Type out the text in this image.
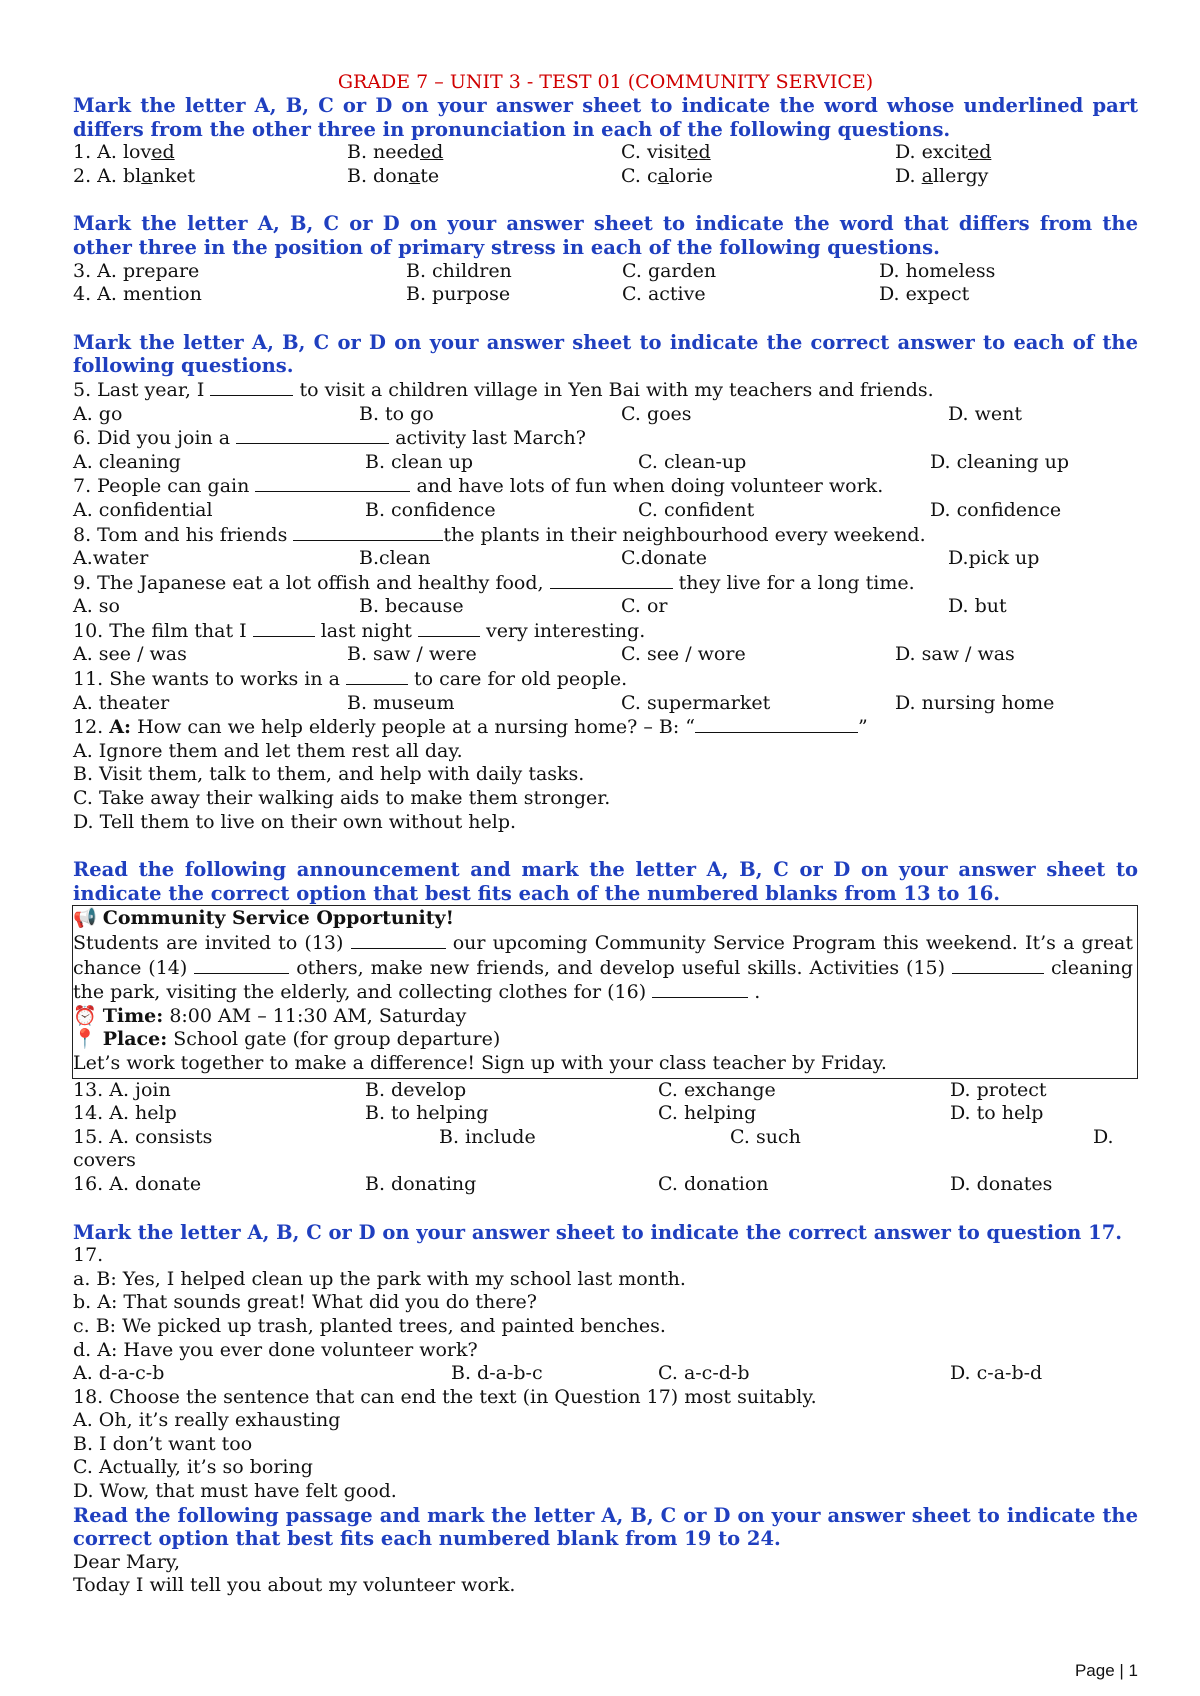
GRADE 7 – UNIT 3 - TEST 01 (COMMUNITY SERVICE)
Mark the letter A, B, C or D on your answer sheet to indicate the word whose underlined part differs from the other three in pronunciation in each of the following questions.
1. A. loved	B. needed	C. visited	D. excited
2. A. blanket	B. donate	C. calorie	D. allergy
Mark the letter A, B, C or D on your answer sheet to indicate the word that differs from the other three in the position of primary stress in each of the following questions.
3. A. prepare	B. children	C. garden	D. homeless
4. A. mention	B. purpose	C. active	D. expect
Mark the letter A, B, C or D on your answer sheet to indicate the correct answer to each of the following questions.
5. Last year, I	to visit a children village in Yen Bai with my teachers and friends.
A. go	B. to go	C. goes	D. went
6. Did you join a	activity last March?
A. cleaning	B. clean up	C. clean-up	D. cleaning up
7. People can gain	and have lots of fun when doing volunteer work.
A. confidential	B. confidence	C. confident	D. confidence
8. Tom and his friends	the plants in their neighbourhood every weekend.
A.water	B.clean	C.donate	D.pick up
9. The Japanese eat a lot offish and healthy food,	they live for a long time.
A. so	B. because	C. or	D. but
10. The film that I	last night	very interesting.
A. see / was	B. saw / were	C. see / wore	D. saw / was
11. She wants to works in a	to care for old people.
A. theater	B. museum	C. supermarket	D. nursing home
12. A: How can we help elderly people at a nursing home? – B: “	”
A. Ignore them and let them rest all day.
B. Visit them, talk to them, and help with daily tasks.
C. Take away their walking aids to make them stronger.
D. Tell them to live on their own without help.
Read the following announcement and mark the letter A, B, C or D on your answer sheet to indicate the correct option that best fits each of the numbered blanks from 13 to 16.
📢 Community Service Opportunity!
Students are invited to (13)	our upcoming Community Service Program this weekend. It’s a great chance (14)	others, make new friends, and develop useful skills. Activities (15)	cleaning the park, visiting the elderly, and collecting clothes for (16)	.
⏰ Time: 8:00 AM – 11:30 AM, Saturday
📍 Place: School gate (for group departure)
Let’s work together to make a difference! Sign up with your class teacher by Friday.
13. A. join	B. develop	C. exchange	D. protect
14. A. help	B. to helping	C. helping	D. to help
15. A. consists	B. include	C. such	D.
covers
16. A. donate	B. donating	C. donation	D. donates
Mark the letter A, B, C or D on your answer sheet to indicate the correct answer to question 17.
17.
a. B: Yes, I helped clean up the park with my school last month.
b. A: That sounds great! What did you do there?
c. B: We picked up trash, planted trees, and painted benches.
d. A: Have you ever done volunteer work?
A. d-a-c-b	B. d-a-b-c	C. a-c-d-b	D. c-a-b-d
18. Choose the sentence that can end the text (in Question 17) most suitably.
A. Oh, it’s really exhausting
B. I don’t want too
C. Actually, it’s so boring
D. Wow, that must have felt good.
Read the following passage and mark the letter A, B, C or D on your answer sheet to indicate the correct option that best fits each numbered blank from 19 to 24.
Dear Mary,
Today I will tell you about my volunteer work.
Page | 1
